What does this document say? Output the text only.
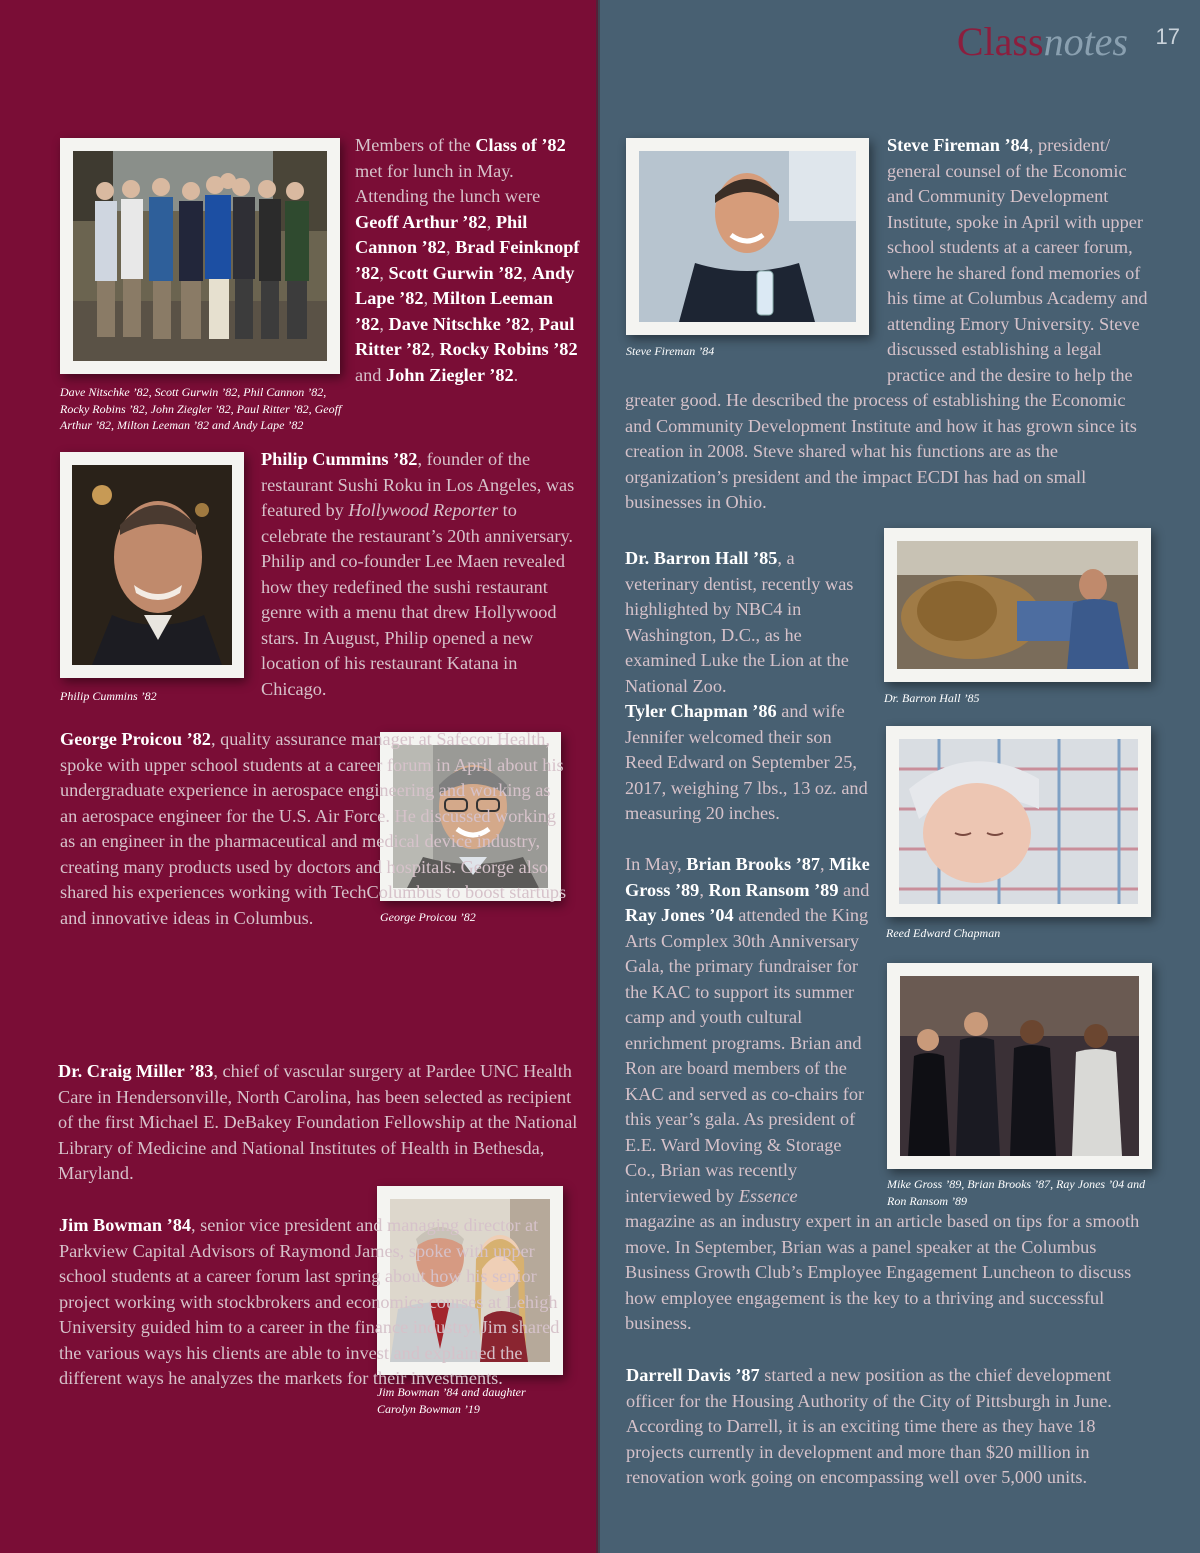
Classnotes 17
Dave Nitschke ’82, Scott Gurwin ’82, Phil Cannon ’82, Rocky Robins ’82, John Ziegler ’82, Paul Ritter ’82, Geoff Arthur ’82, Milton Leeman ’82 and Andy Lape ’82
Members of the Class of ’82 met for lunch in May. Attending the lunch were Geoff Arthur ’82, Phil Cannon ’82, Brad Feinknopf ’82, Scott Gurwin ’82, Andy Lape ’82, Milton Leeman ’82, Dave Nitschke ’82, Paul Ritter ’82, Rocky Robins ’82 and John Ziegler ’82.
Philip Cummins ’82
Philip Cummins ’82, founder of the restaurant Sushi Roku in Los Angeles, was featured by Hollywood Reporter to celebrate the restaurant’s 20th anniversary. Philip and co-founder Lee Maen revealed how they redefined the sushi restaurant genre with a menu that drew Hollywood stars. In August, Philip opened a new location of his restaurant Katana in Chicago.
George Proicou ’82
George Proicou ’82, quality assurance manager at Safecor Health, spoke with upper school students at a career forum in April about his undergraduate experience in aerospace engineering and working as an aerospace engineer for the U.S. Air Force. He discussed working as an engineer in the pharmaceutical and medical device industry, creating many products used by doctors and hospitals. George also shared his experiences working with TechColumbus to boost startups and innovative ideas in Columbus.
Dr. Craig Miller ’83, chief of vascular surgery at Pardee UNC Health Care in Hendersonville, North Carolina, has been selected as recipient of the first Michael E. DeBakey Foundation Fellowship at the National Library of Medicine and National Institutes of Health in Bethesda, Maryland.
Jim Bowman ’84 and daughter Carolyn Bowman ’19
Jim Bowman ’84, senior vice president and managing director at Parkview Capital Advisors of Raymond James, spoke with upper school students at a career forum last spring about how his senior project working with stockbrokers and economics courses at Lehigh University guided him to a career in the finance industry. Jim shared the various ways his clients are able to invest and explained the different ways he analyzes the markets for their investments.
Steve Fireman ’84
Steve Fireman ’84, president/ general counsel of the Economic and Community Development Institute, spoke in April with upper school students at a career forum, where he shared fond memories of his time at Columbus Academy and attending Emory University. Steve discussed establishing a legal practice and the desire to help the greater good. He described the process of establishing the Economic and Community Development Institute and how it has grown since its creation in 2008. Steve shared what his functions are as the organization’s president and the impact ECDI has had on small businesses in Ohio.
Dr. Barron Hall ’85
Dr. Barron Hall ’85, a veterinary dentist, recently was highlighted by NBC4 in Washington, D.C., as he examined Luke the Lion at the National Zoo.
Reed Edward Chapman
Tyler Chapman ’86 and wife Jennifer welcomed their son Reed Edward on September 25, 2017, weighing 7 lbs., 13 oz. and measuring 20 inches.
Mike Gross ’89, Brian Brooks ’87, Ray Jones ’04 and Ron Ransom ’89
In May, Brian Brooks ’87, Mike Gross ’89, Ron Ransom ’89 and Ray Jones ’04 attended the King Arts Complex 30th Anniversary Gala, the primary fundraiser for the KAC to support its summer camp and youth cultural enrichment programs. Brian and Ron are board members of the KAC and served as co-chairs for this year’s gala. As president of E.E. Ward Moving & Storage Co., Brian was recently interviewed by Essence magazine as an industry expert in an article based on tips for a smooth move. In September, Brian was a panel speaker at the Columbus Business Growth Club’s Employee Engagement Luncheon to discuss how employee engagement is the key to a thriving and successful business.
Darrell Davis ’87 started a new position as the chief development officer for the Housing Authority of the City of Pittsburgh in June. According to Darrell, it is an exciting time there as they have 18 projects currently in development and more than $20 million in renovation work going on encompassing well over 5,000 units.
